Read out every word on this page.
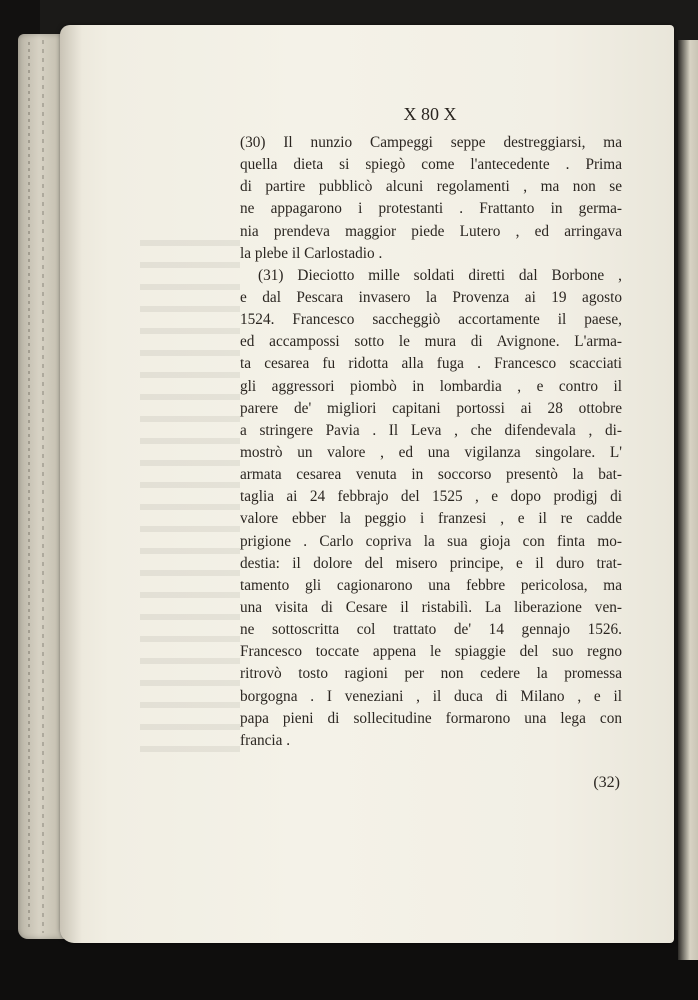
X 80 X
(30) Il nunzio Campeggi seppe destreggiarsi, ma
quella dieta si spiegò come l'antecedente . Prima
di partire pubblicò alcuni regolamenti , ma non se
ne appagarono i protestanti . Frattanto in germa-
nia prendeva maggior piede Lutero , ed arringava
la plebe il Carlostadio .
(31) Dieciotto mille soldati diretti dal Borbone ,
e dal Pescara invasero la Provenza ai 19 agosto
1524. Francesco saccheggiò accortamente il paese,
ed accampossi sotto le mura di Avignone. L'arma-
ta cesarea fu ridotta alla fuga . Francesco scacciati
gli aggressori piombò in lombardia , e contro il
parere de' migliori capitani portossi ai 28 ottobre
a stringere Pavia . Il Leva , che difendevala , di-
mostrò un valore , ed una vigilanza singolare. L'
armata cesarea venuta in soccorso presentò la bat-
taglia ai 24 febbrajo del 1525 , e dopo prodigj di
valore ebber la peggio i franzesi , e il re cadde
prigione . Carlo copriva la sua gioja con finta mo-
destia: il dolore del misero principe, e il duro trat-
tamento gli cagionarono una febbre pericolosa, ma
una visita di Cesare il ristabilì. La liberazione ven-
ne sottoscritta col trattato de' 14 gennajo 1526.
Francesco toccate appena le spiaggie del suo regno
ritrovò tosto ragioni per non cedere la promessa
borgogna . I veneziani , il duca di Milano , e il
papa pieni di sollecitudine formarono una lega con
francia .
(32)
